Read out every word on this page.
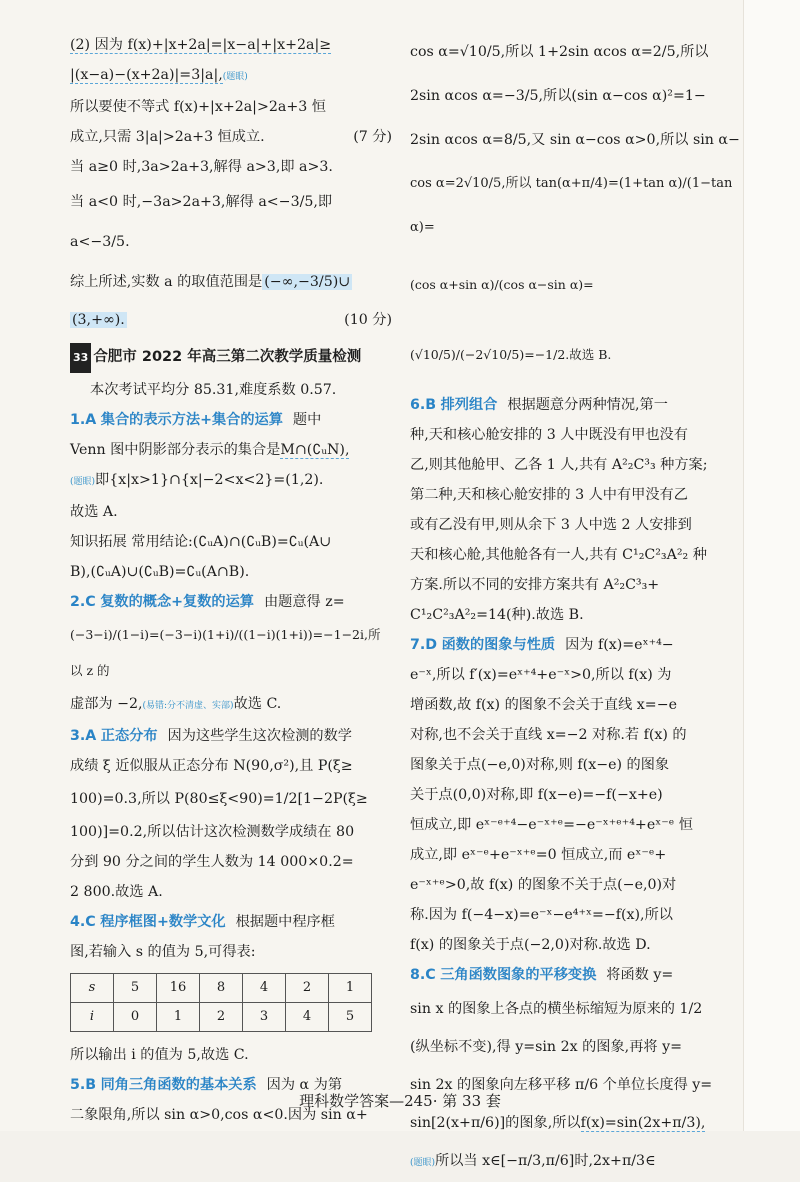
(2) 因为 f(x)+|x+2a|=|x−a|+|x+2a|≥

|(x−a)−(x+2a)|=3|a|,(题眼)

所以要使不等式 f(x)+|x+2a|>2a+3 恒

成立,只需 3|a|>2a+3 恒成立.	(7 分)

当 a≥0 时,3a>2a+3,解得 a>3,即 a>3.

当 a<0 时,−3a>2a+3,解得 a<−3/5,即

a<−3/5.

综上所述,实数 a 的取值范围是 (−∞,−3/5)∪

(3,+∞).	(10 分)

33 合肥市 2022 年高三第二次教学质量检测

本次考试平均分 85.31,难度系数 0.57.

1.A 集合的表示方法+集合的运算 题中

Venn 图中阴影部分表示的集合是M∩(∁ᵤN),

(题眼)即{x|x>1}∩{x|−2<x<2}=(1,2).

故选 A.

知识拓展 常用结论:(∁ᵤA)∩(∁ᵤB)=∁ᵤ(A∪

B),(∁ᵤA)∪(∁ᵤB)=∁ᵤ(A∩B).

2.C 复数的概念+复数的运算 由题意得 z=

(−3−i)/(1−i)=(−3−i)(1+i)/((1−i)(1+i))=−1−2i,所以 z 的

虚部为 −2,(易错:分不清虚、实部)故选 C.

3.A 正态分布 因为这些学生这次检测的数学

成绩 ξ 近似服从正态分布 N(90,σ²),且 P(ξ≥

100)=0.3,所以 P(80≤ξ<90)=1/2[1−2P(ξ≥

100)]=0.2,所以估计这次检测数学成绩在 80

分到 90 分之间的学生人数为 14 000×0.2=

2 800.故选 A.

4.C 程序框图+数学文化 根据题中程序框

图,若输入 s 的值为 5,可得表:

s	5	16	8	4	2	1
i	0	1	2	3	4	5

所以输出 i 的值为 5,故选 C.

5.B 同角三角函数的基本关系 因为 α 为第

二象限角,所以 sin α>0,cos α<0.因为 sin α+

cos α=√10/5,所以 1+2sin αcos α=2/5,所以

2sin αcos α=−3/5,所以(sin α−cos α)²=1−

2sin αcos α=8/5,又 sin α−cos α>0,所以 sin α−

cos α=2√10/5,所以 tan(α+π/4)=(1+tan α)/(1−tan α)=

(cos α+sin α)/(cos α−sin α)=(√10/5)/(−2√10/5)=−1/2.故选 B.

6.B 排列组合 根据题意分两种情况,第一

种,天和核心舱安排的 3 人中既没有甲也没有

乙,则其他舱甲、乙各 1 人,共有 A²₂C³₃ 种方案;

第二种,天和核心舱安排的 3 人中有甲没有乙

或有乙没有甲,则从余下 3 人中选 2 人安排到

天和核心舱,其他舱各有一人,共有 C¹₂C²₃A²₂ 种

方案.所以不同的安排方案共有 A²₂C³₃+

C¹₂C²₃A²₂=14(种).故选 B.

7.D 函数的图象与性质 因为 f(x)=eˣ⁺⁴−

e⁻ˣ,所以 f′(x)=eˣ⁺⁴+e⁻ˣ>0,所以 f(x) 为

增函数,故 f(x) 的图象不会关于直线 x=−e

对称,也不会关于直线 x=−2 对称.若 f(x) 的

图象关于点(−e,0)对称,则 f(x−e) 的图象

关于点(0,0)对称,即 f(x−e)=−f(−x+e)

恒成立,即 eˣ⁻ᵉ⁺⁴−e⁻ˣ⁺ᵉ=−e⁻ˣ⁺ᵉ⁺⁴+eˣ⁻ᵉ 恒

成立,即 eˣ⁻ᵉ+e⁻ˣ⁺ᵉ=0 恒成立,而 eˣ⁻ᵉ+

e⁻ˣ⁺ᵉ>0,故 f(x) 的图象不关于点(−e,0)对

称.因为 f(−4−x)=e⁻ˣ−e⁴⁺ˣ=−f(x),所以

f(x) 的图象关于点(−2,0)对称.故选 D.

8.C 三角函数图象的平移变换 将函数 y=

sin x 的图象上各点的横坐标缩短为原来的 1/2

(纵坐标不变),得 y=sin 2x 的图象,再将 y=

sin 2x 的图象向左移平移 π/6 个单位长度得 y=

sin[2(x+π/6)]的图象,所以f(x)=sin(2x+π/3),

(题眼)所以当 x∈[−π/3,π/6]时,2x+π/3∈

理科数学答案—245· 第 33 套
